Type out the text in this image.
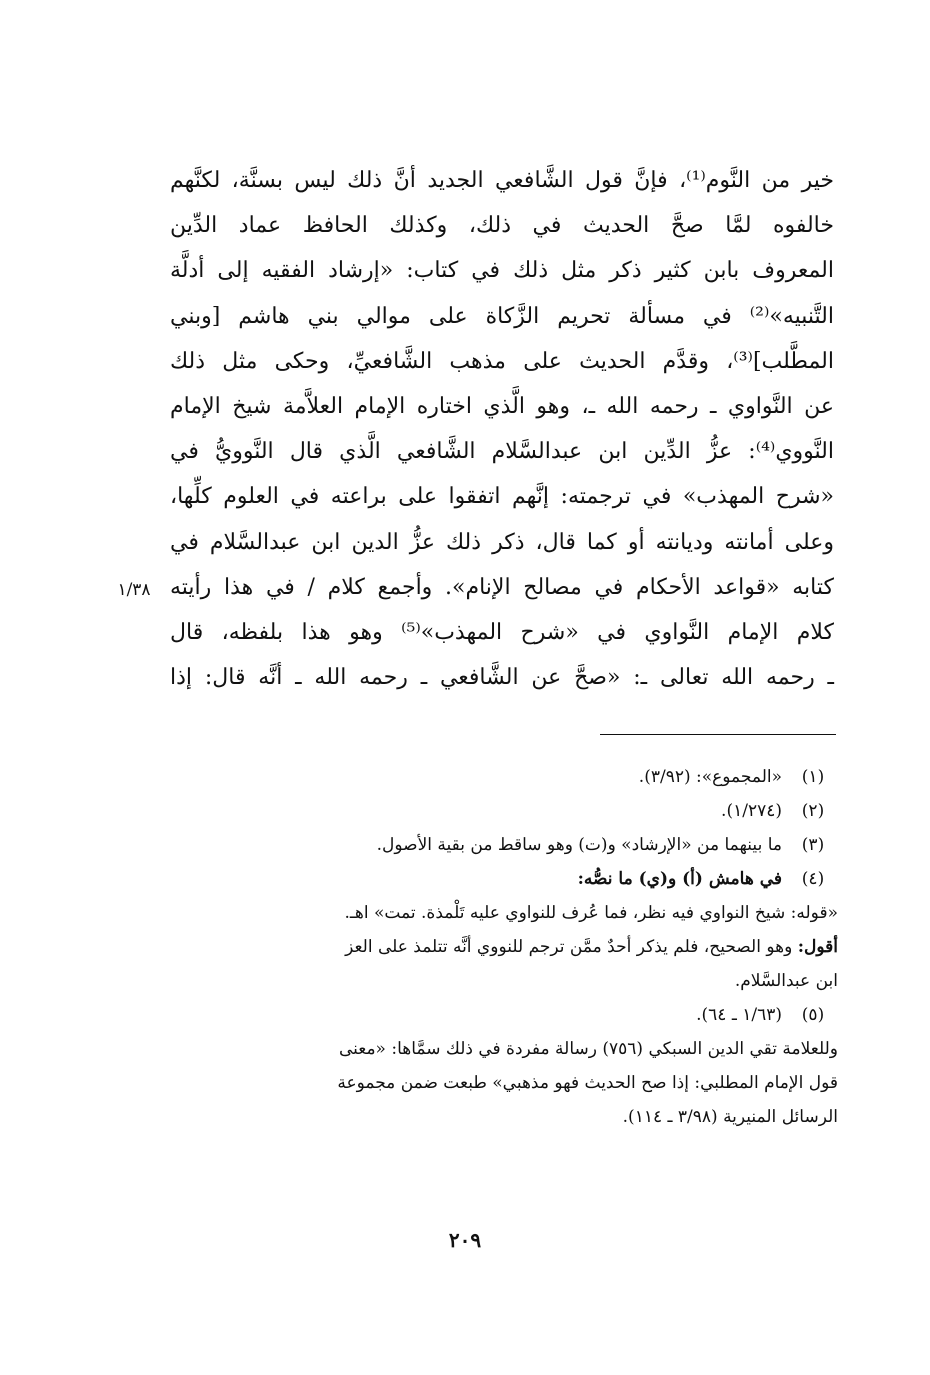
خير من النَّوم⁽¹⁾، فإنَّ قول الشَّافعي الجديد أنَّ ذلك ليس بسنَّة، لكنَّهم
خالفوه لمَّا صحَّ الحديث في ذلك، وكذلك الحافظ عماد الدِّين
المعروف بابن كثير ذكر مثل ذلك في كتاب: «إرشاد الفقيه إلى أدلَّة
التَّنبيه»⁽²⁾ في مسألة تحريم الزَّكاة على موالي بني هاشم [وبني
المطَّلب]⁽³⁾، وقدَّم الحديث على مذهب الشَّافعيِّ، وحكى مثل ذلك
عن النَّواوي ـ رحمه الله ـ، وهو الَّذي اختاره الإمام العلاَّمة شيخ الإمام
النَّووي⁽⁴⁾: عزُّ الدِّين ابن عبدالسَّلام الشَّافعي الَّذي قال النَّوويُّ في
«شرح المهذب» في ترجمته: إنَّهم اتفقوا على براعته في العلوم كلِّها،
وعلى أمانته وديانته أو كما قال، ذكر ذلك عزُّ الدين ابن عبدالسَّلام في
كتابه «قواعد الأحكام في مصالح الإنام». وأجمع كلام / في هذا رأيته
كلام الإمام النَّواوي في «شرح المهذب»⁽⁵⁾ وهو هذا بلفظه، قال
ـ رحمه الله تعالى ـ: «صحَّ عن الشَّافعي ـ رحمه الله ـ أنَّه قال: إذا
١/٣٨
(١)
«المجموع»: (٣/٩٢).
(٢)
(١/٢٧٤).
(٣)
ما بينهما من «الإرشاد» و(ت) وهو ساقط من بقية الأصول.
(٤)
في هامش (أ) و(ي) ما نصُّه:
«قوله: شيخ النواوي فيه نظر، فما عُرف للنواوي عليه تَلْمذة. تمت» اهـ.
أقول: وهو الصحيح، فلم يذكر أحدٌ ممَّن ترجم للنووي أنَّه تتلمذ على العز
ابن عبدالسَّلام.
(٥)
(١/٦٣ ـ ٦٤).
وللعلامة تقي الدين السبكي (٧٥٦) رسالة مفردة في ذلك سمَّاها: «معنى
قول الإمام المطلبي: إذا صح الحديث فهو مذهبي» طبعت ضمن مجموعة
الرسائل المنيرية (٣/٩٨ ـ ١١٤).
٢٠٩
